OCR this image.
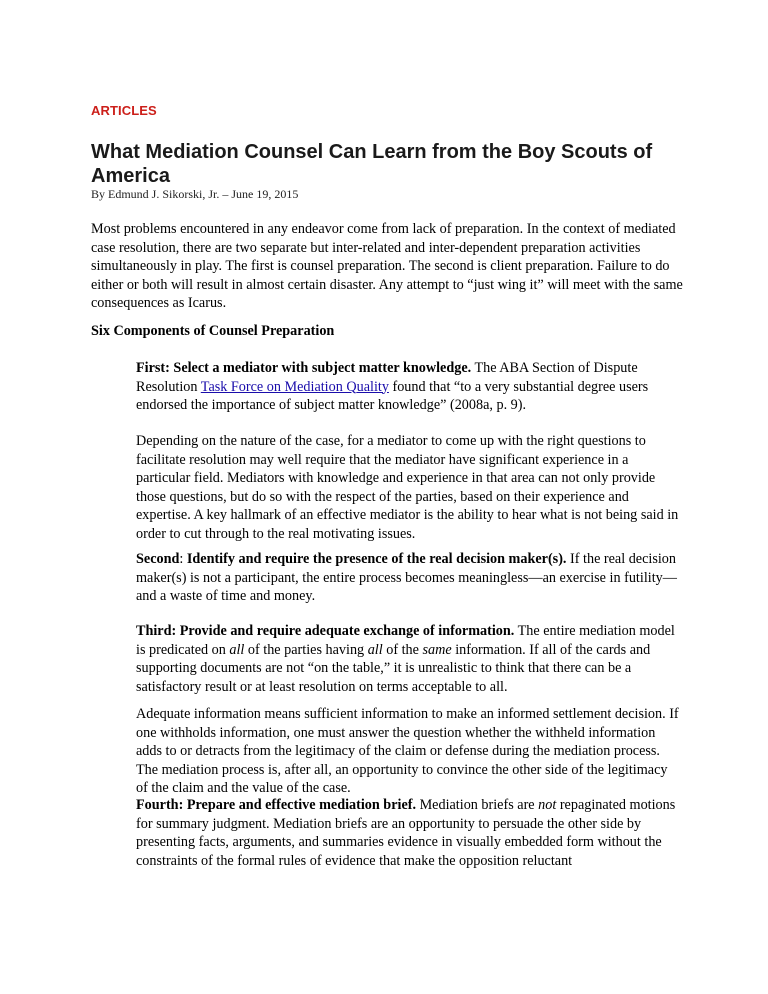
ARTICLES
What Mediation Counsel Can Learn from the Boy Scouts of America
By Edmund J. Sikorski, Jr. – June 19, 2015

Most problems encountered in any endeavor come from lack of preparation. In the context of mediated case resolution, there are two separate but inter-related and inter-dependent preparation activities simultaneously in play. The first is counsel preparation. The second is client preparation. Failure to do either or both will result in almost certain disaster. Any attempt to “just wing it” will meet with the same consequences as Icarus.

Six Components of Counsel Preparation

First: Select a mediator with subject matter knowledge. The ABA Section of Dispute Resolution Task Force on Mediation Quality found that “to a very substantial degree users endorsed the importance of subject matter knowledge” (2008a, p. 9).

Depending on the nature of the case, for a mediator to come up with the right questions to facilitate resolution may well require that the mediator have significant experience in a particular field. Mediators with knowledge and experience in that area can not only provide those questions, but do so with the respect of the parties, based on their experience and expertise. A key hallmark of an effective mediator is the ability to hear what is not being said in order to cut through to the real motivating issues.

Second: Identify and require the presence of the real decision maker(s). If the real decision maker(s) is not a participant, the entire process becomes meaningless—an exercise in futility—and a waste of time and money.

Third: Provide and require adequate exchange of information. The entire mediation model is predicated on all of the parties having all of the same information. If all of the cards and supporting documents are not “on the table,” it is unrealistic to think that there can be a satisfactory result or at least resolution on terms acceptable to all.

Adequate information means sufficient information to make an informed settlement decision. If one withholds information, one must answer the question whether the withheld information adds to or detracts from the legitimacy of the claim or defense during the mediation process. The mediation process is, after all, an opportunity to convince the other side of the legitimacy of the claim and the value of the case.

Fourth: Prepare and effective mediation brief. Mediation briefs are not repaginated motions for summary judgment. Mediation briefs are an opportunity to persuade the other side by presenting facts, arguments, and summaries evidence in visually embedded form without the constraints of the formal rules of evidence that make the opposition reluctant
